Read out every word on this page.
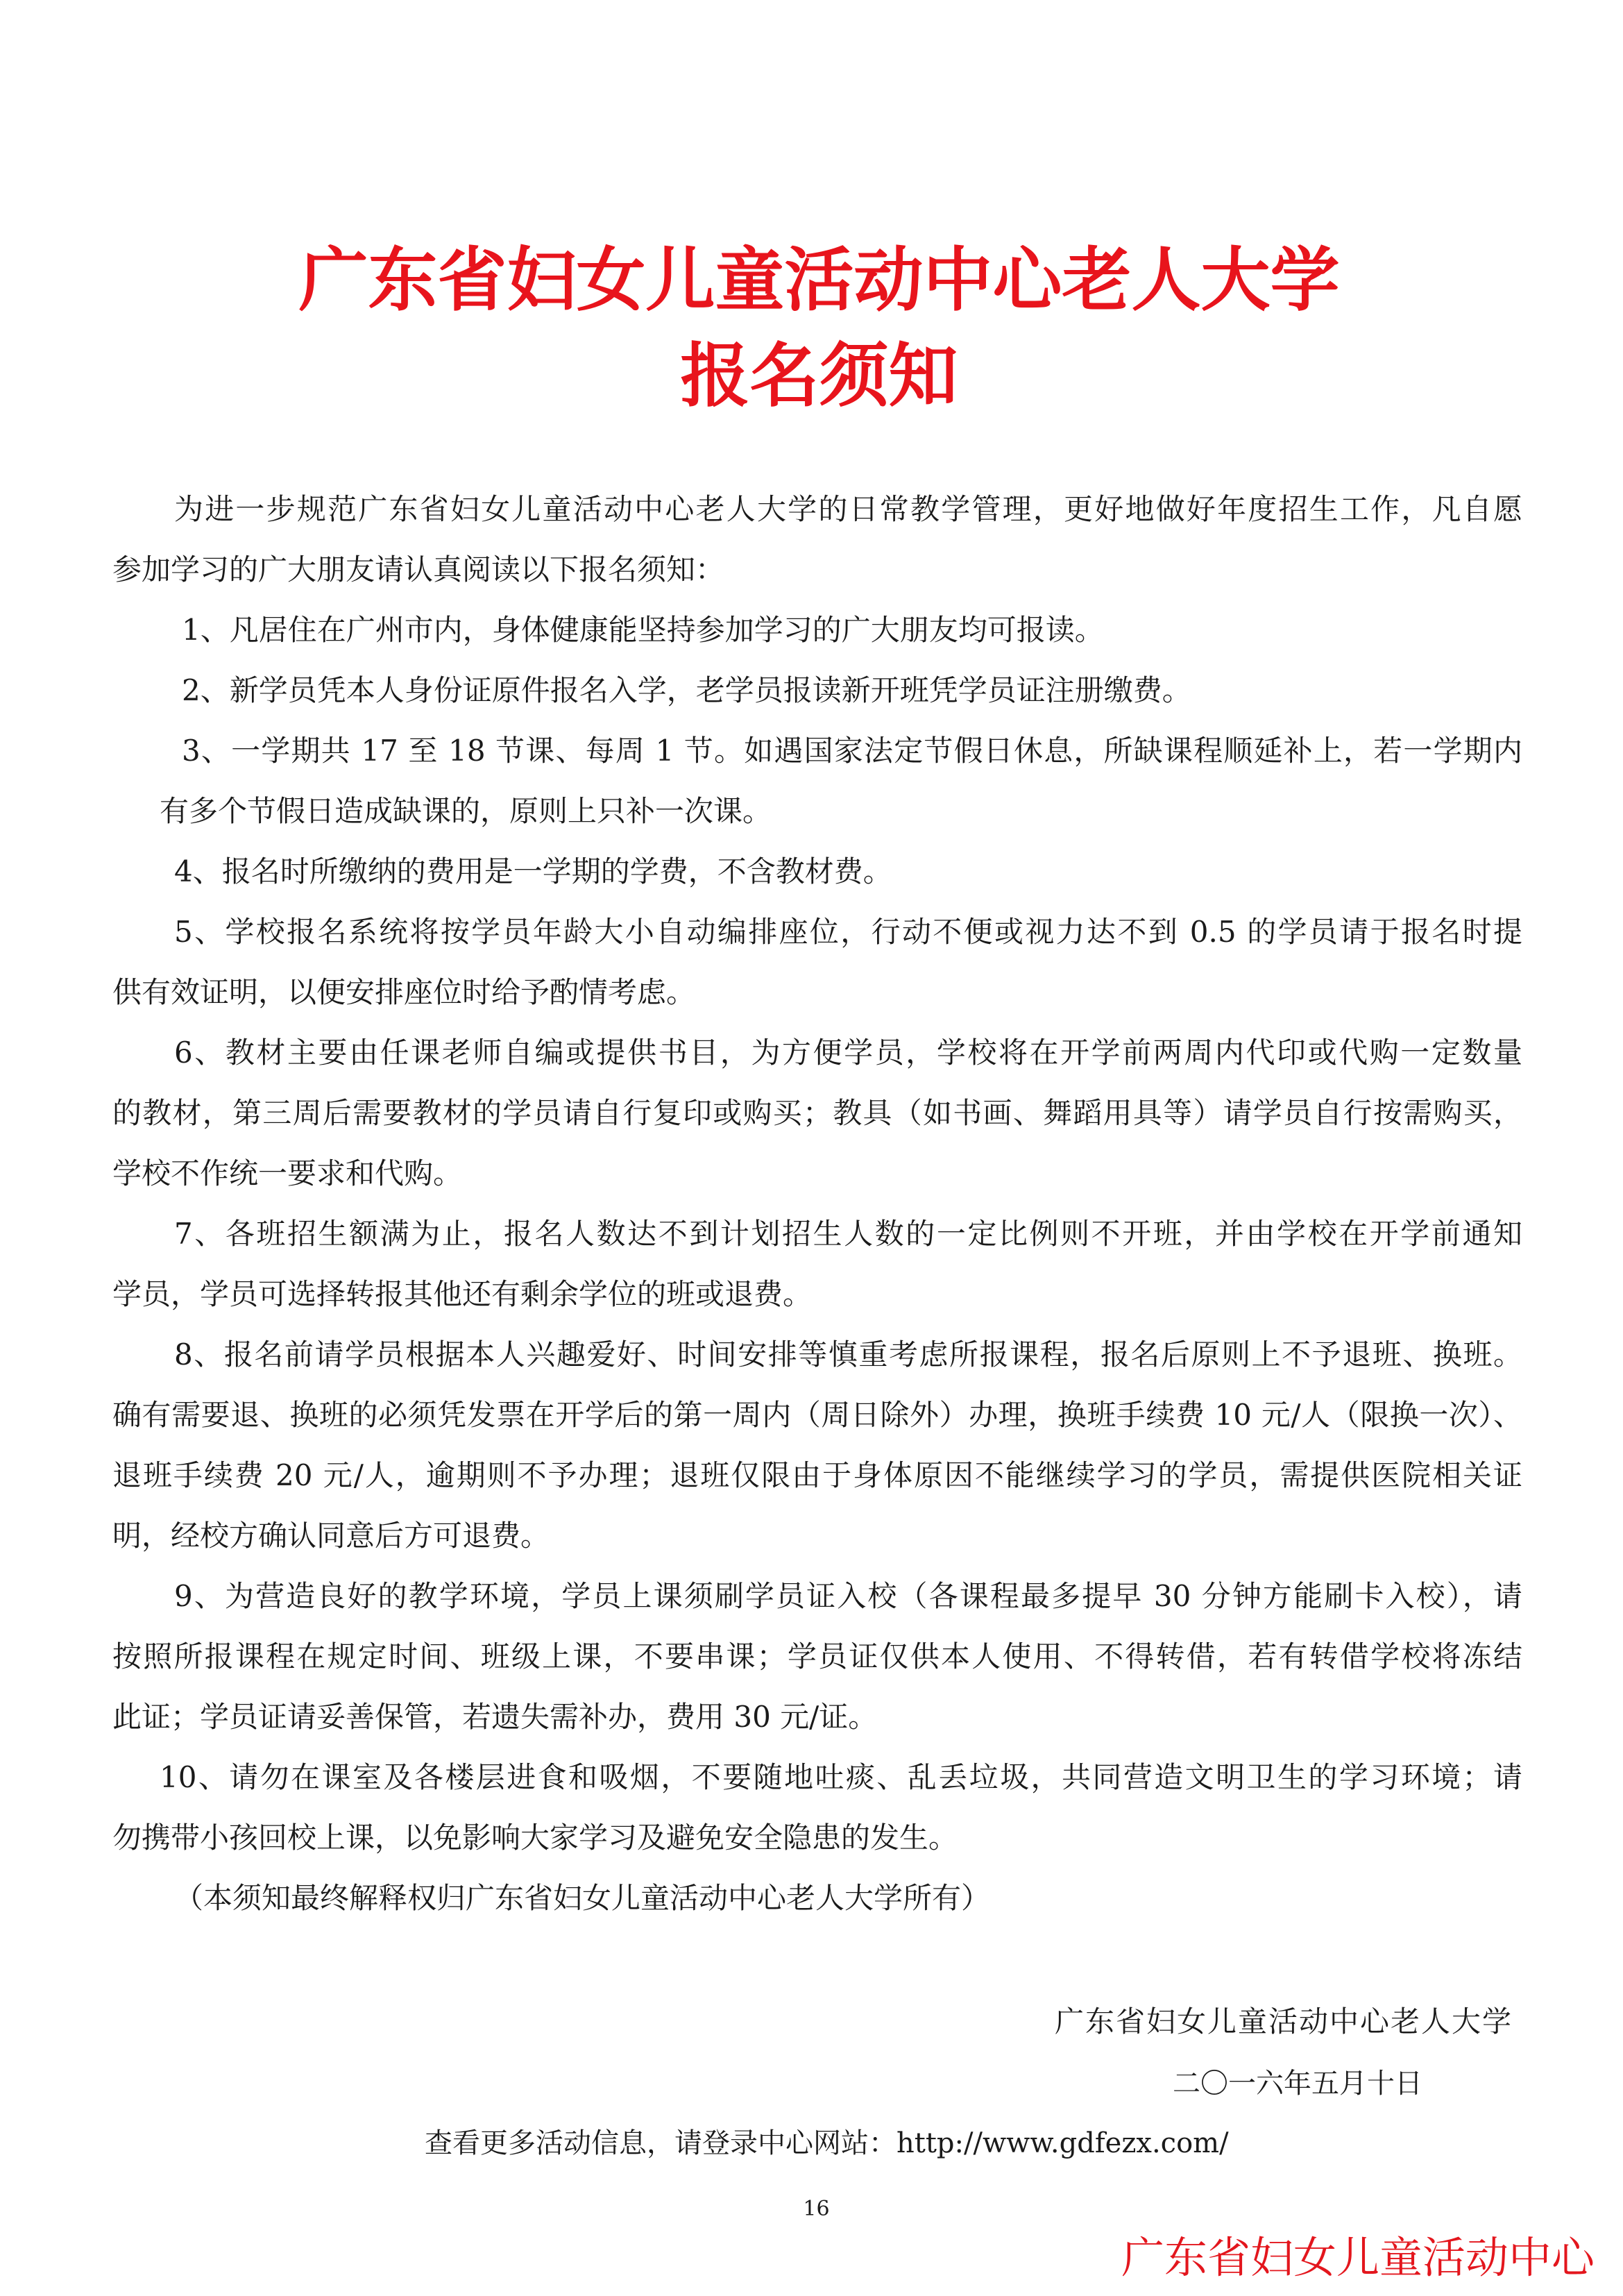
广东省妇女儿童活动中心老人大学
报名须知
为进一步规范广东省妇女儿童活动中心老人大学的日常教学管理，更好地做好年度招生工作，凡自愿
参加学习的广大朋友请认真阅读以下报名须知：
1、凡居住在广州市内，身体健康能坚持参加学习的广大朋友均可报读。
2、新学员凭本人身份证原件报名入学，老学员报读新开班凭学员证注册缴费。
3、一学期共 17 至 18 节课、每周 1 节。如遇国家法定节假日休息，所缺课程顺延补上，若一学期内
有多个节假日造成缺课的，原则上只补一次课。
4、报名时所缴纳的费用是一学期的学费，不含教材费。
5、学校报名系统将按学员年龄大小自动编排座位，行动不便或视力达不到 0.5 的学员请于报名时提
供有效证明，以便安排座位时给予酌情考虑。
6、教材主要由任课老师自编或提供书目，为方便学员，学校将在开学前两周内代印或代购一定数量
的教材，第三周后需要教材的学员请自行复印或购买；教具（如书画、舞蹈用具等）请学员自行按需购买，
学校不作统一要求和代购。
7、各班招生额满为止，报名人数达不到计划招生人数的一定比例则不开班，并由学校在开学前通知
学员，学员可选择转报其他还有剩余学位的班或退费。
8、报名前请学员根据本人兴趣爱好、时间安排等慎重考虑所报课程，报名后原则上不予退班、换班。
确有需要退、换班的必须凭发票在开学后的第一周内（周日除外）办理，换班手续费 10 元/人（限换一次）、
退班手续费 20 元/人，逾期则不予办理；退班仅限由于身体原因不能继续学习的学员，需提供医院相关证
明，经校方确认同意后方可退费。
9、为营造良好的教学环境，学员上课须刷学员证入校（各课程最多提早 30 分钟方能刷卡入校），请
按照所报课程在规定时间、班级上课，不要串课；学员证仅供本人使用、不得转借，若有转借学校将冻结
此证；学员证请妥善保管，若遗失需补办，费用 30 元/证。
10、请勿在课室及各楼层进食和吸烟，不要随地吐痰、乱丢垃圾，共同营造文明卫生的学习环境；请
勿携带小孩回校上课，以免影响大家学习及避免安全隐患的发生。
（本须知最终解释权归广东省妇女儿童活动中心老人大学所有）
广东省妇女儿童活动中心老人大学
二〇一六年五月十日
查看更多活动信息，请登录中心网站：http://www.gdfezx.com/
16
广东省妇女儿童活动中心
